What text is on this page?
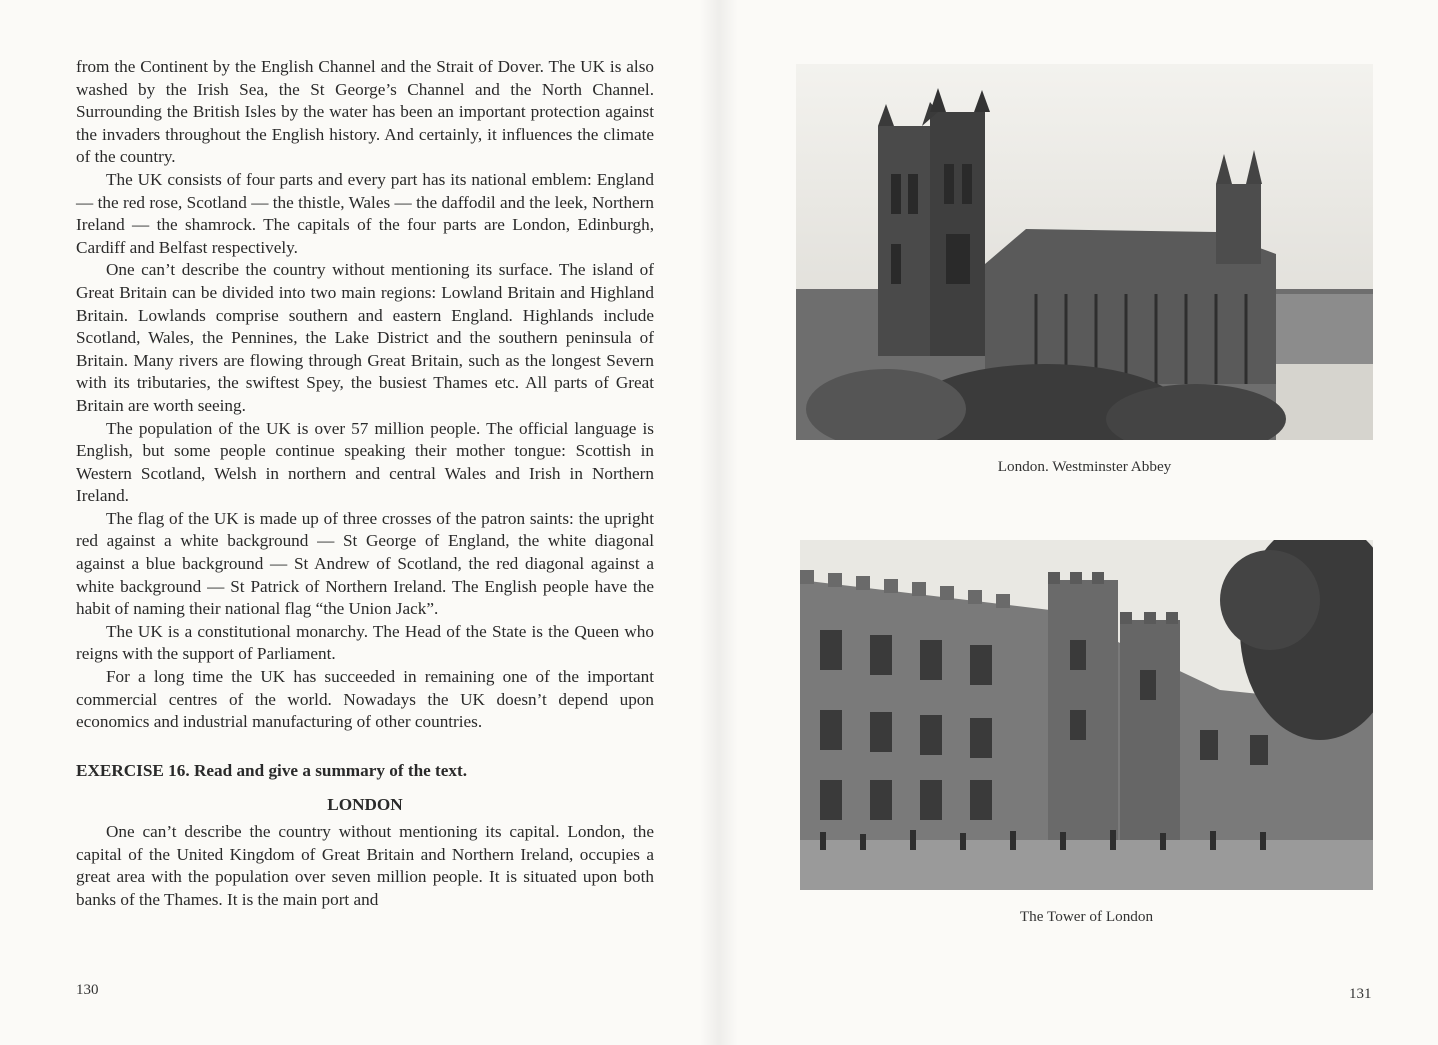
from the Continent by the English Channel and the Strait of Dover. The UK is also washed by the Irish Sea, the St George’s Channel and the North Channel. Surrounding the British Isles by the water has been an important protection against the invaders throughout the English history. And certainly, it influences the climate of the country.

The UK consists of four parts and every part has its national emblem: England — the red rose, Scotland — the thistle, Wales — the daffodil and the leek, Northern Ireland — the shamrock. The capitals of the four parts are London, Edinburgh, Cardiff and Belfast respectively.

One can’t describe the country without mentioning its surface. The island of Great Britain can be divided into two main regions: Lowland Britain and Highland Britain. Lowlands comprise southern and eastern England. Highlands include Scotland, Wales, the Pennines, the Lake District and the southern peninsula of Britain. Many rivers are flowing through Great Britain, such as the longest Severn with its tributaries, the swiftest Spey, the busiest Thames etc. All parts of Great Britain are worth seeing.

The population of the UK is over 57 million people. The official language is English, but some people continue speaking their mother tongue: Scottish in Western Scotland, Welsh in northern and central Wales and Irish in Northern Ireland.

The flag of the UK is made up of three crosses of the patron saints: the upright red against a white background — St George of England, the white diagonal against a blue background — St Andrew of Scotland, the red diagonal against a white background — St Patrick of Northern Ireland. The English people have the habit of naming their national flag “the Union Jack”.

The UK is a constitutional monarchy. The Head of the State is the Queen who reigns with the support of Parliament.

For a long time the UK has succeeded in remaining one of the important commercial centres of the world. Nowadays the UK doesn’t depend upon economics and industrial manufacturing of other countries.

EXERCISE 16. Read and give a summary of the text.

LONDON

One can’t describe the country without mentioning its capital. London, the capital of the United Kingdom of Great Britain and Northern Ireland, occupies a great area with the population over seven million people. It is situated upon both banks of the Thames. It is the main port and

130
London. Westminster Abbey
The Tower of London
131
